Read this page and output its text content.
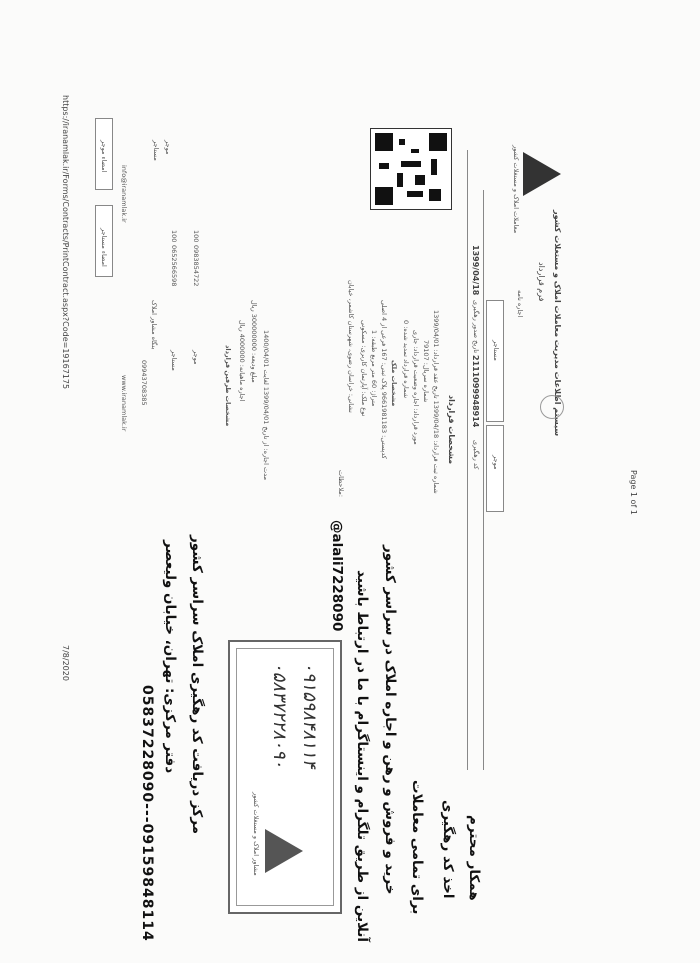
Page 1 of 1
https://iranamlak.ir/Forms/Contracts/PrintContract.aspx?Code=19167175
7/8/2020
سیستم اطلاعات مدیریت معاملات املاک و مستغلات کشور
فرم قرارداد
اجاره نامه
معاملات املاک و مستغلات کشور
مستاجر
موجر
1399/04/18
تاریخ صدور رهگیری
2111099948914
کد رهگیری
مشخصات قرارداد
شماره ثبت قرارداد: 1399/04/18 تاریخ عقد قرارداد: 1399/04/01
شماره سریال: 79107
مورد قرارداد: اجاره وضعیت قرارداد: جاری
شماره قرارداد تمدید شده: 0
مشخصات ملک
کدپستی: 9661981183 پلاک ثبتی: 167 فرعی از 4 اصلی
متراژ: 60 متر مربع طبقه: 1
نوع ملک: آپارتمان کاربری: مسکونی
نشانی: خراسان رضوی، شهرستان کاشمر، خیابان
مدت اجاره: از تاریخ 1399/04/01 لغایت 1400/04/01
مبلغ ودیعه: 300000000 ریال
اجاره ماهیانه: 4000000 ریال
مشخصات طرفین قرارداد
0983854722
100
موجر
0652566598
100
مستاجر
بنگاه مشاور املاک
09943708385
www.iranamlak.ir
info@iranamlak.ir
موجر
مستاجر
امضاء موجر
امضاء مستاجر
ملاحظات:
همکار محترم
اخذ کد رهگیری
برای تمامی معاملات
خرید و فروش و رهن و اجاره املاک در سراسر کشور
آنلاین از طریق تلگرام و اینستاگرام با ما در ارتباط باشید
@alali7228090
مرکز دریافت کد رهگیری املاک سراسر کشور
دفتر مرکزی: تهران، خیابان ولیعصر
05837228090---09159848114	مشاور املاک و مستغلات کشور
۰۹۱۵۹۸۴۸۱۱۴
۰۵۸۳۷۲۲۸۰۹۰
